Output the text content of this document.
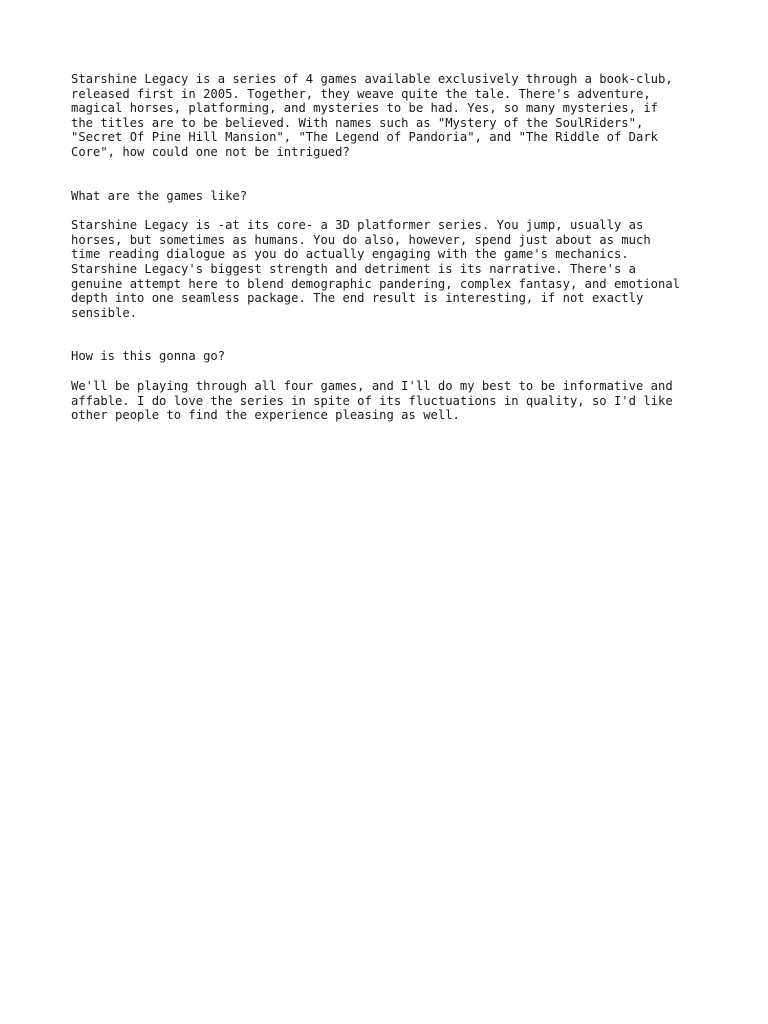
Starshine Legacy is a series of 4 games available exclusively through a book-club,

released first in 2005. Together, they weave quite the tale. There's adventure,

magical horses, platforming, and mysteries to be had. Yes, so many mysteries, if

the titles are to be believed. With names such as "Mystery of the SoulRiders",

"Secret Of Pine Hill Mansion", "The Legend of Pandoria", and "The Riddle of Dark

Core", how could one not be intrigued?

What are the games like?

Starshine Legacy is -at its core- a 3D platformer series. You jump, usually as

horses, but sometimes as humans. You do also, however, spend just about as much

time reading dialogue as you do actually engaging with the game's mechanics.

Starshine Legacy's biggest strength and detriment is its narrative. There's a

genuine attempt here to blend demographic pandering, complex fantasy, and emotional

depth into one seamless package. The end result is interesting, if not exactly

sensible.

How is this gonna go?

We'll be playing through all four games, and I'll do my best to be informative and

affable. I do love the series in spite of its fluctuations in quality, so I'd like

other people to find the experience pleasing as well.
